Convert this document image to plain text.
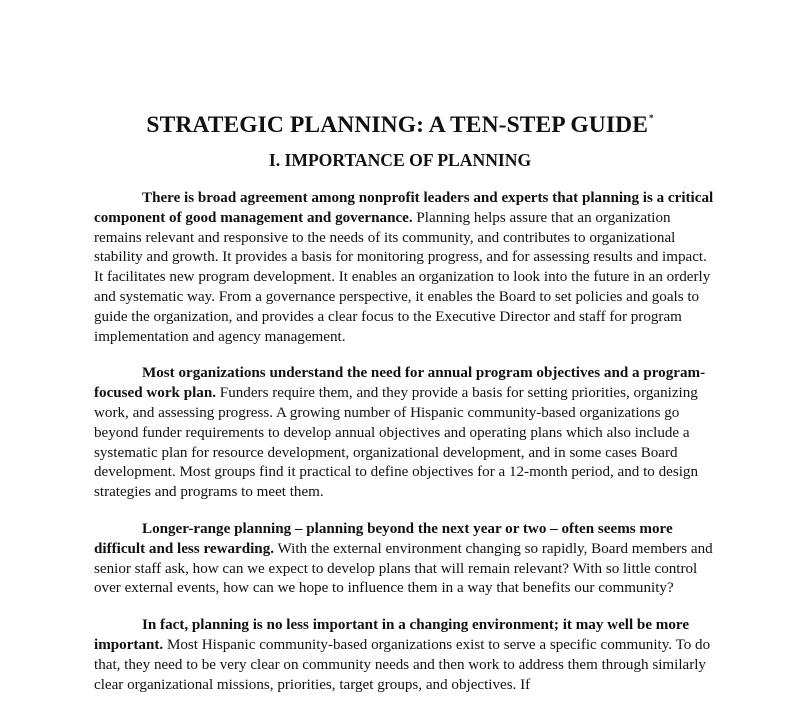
STRATEGIC PLANNING: A TEN-STEP GUIDE*
I. IMPORTANCE OF PLANNING

There is broad agreement among nonprofit leaders and experts that planning is a critical component of good management and governance. Planning helps assure that an organization remains relevant and responsive to the needs of its community, and contributes to organizational stability and growth. It provides a basis for monitoring progress, and for assessing results and impact. It facilitates new program development. It enables an organization to look into the future in an orderly and systematic way. From a governance perspective, it enables the Board to set policies and goals to guide the organization, and provides a clear focus to the Executive Director and staff for program implementation and agency management.

Most organizations understand the need for annual program objectives and a program-focused work plan. Funders require them, and they provide a basis for setting priorities, organizing work, and assessing progress. A growing number of Hispanic community-based organizations go beyond funder requirements to develop annual objectives and operating plans which also include a systematic plan for resource development, organizational development, and in some cases Board development. Most groups find it practical to define objectives for a 12-month period, and to design strategies and programs to meet them.

Longer-range planning – planning beyond the next year or two – often seems more difficult and less rewarding. With the external environment changing so rapidly, Board members and senior staff ask, how can we expect to develop plans that will remain relevant? With so little control over external events, how can we hope to influence them in a way that benefits our community?

In fact, planning is no less important in a changing environment; it may well be more important. Most Hispanic community-based organizations exist to serve a specific community. To do that, they need to be very clear on community needs and then work to address them through similarly clear organizational missions, priorities, target groups, and objectives. If
